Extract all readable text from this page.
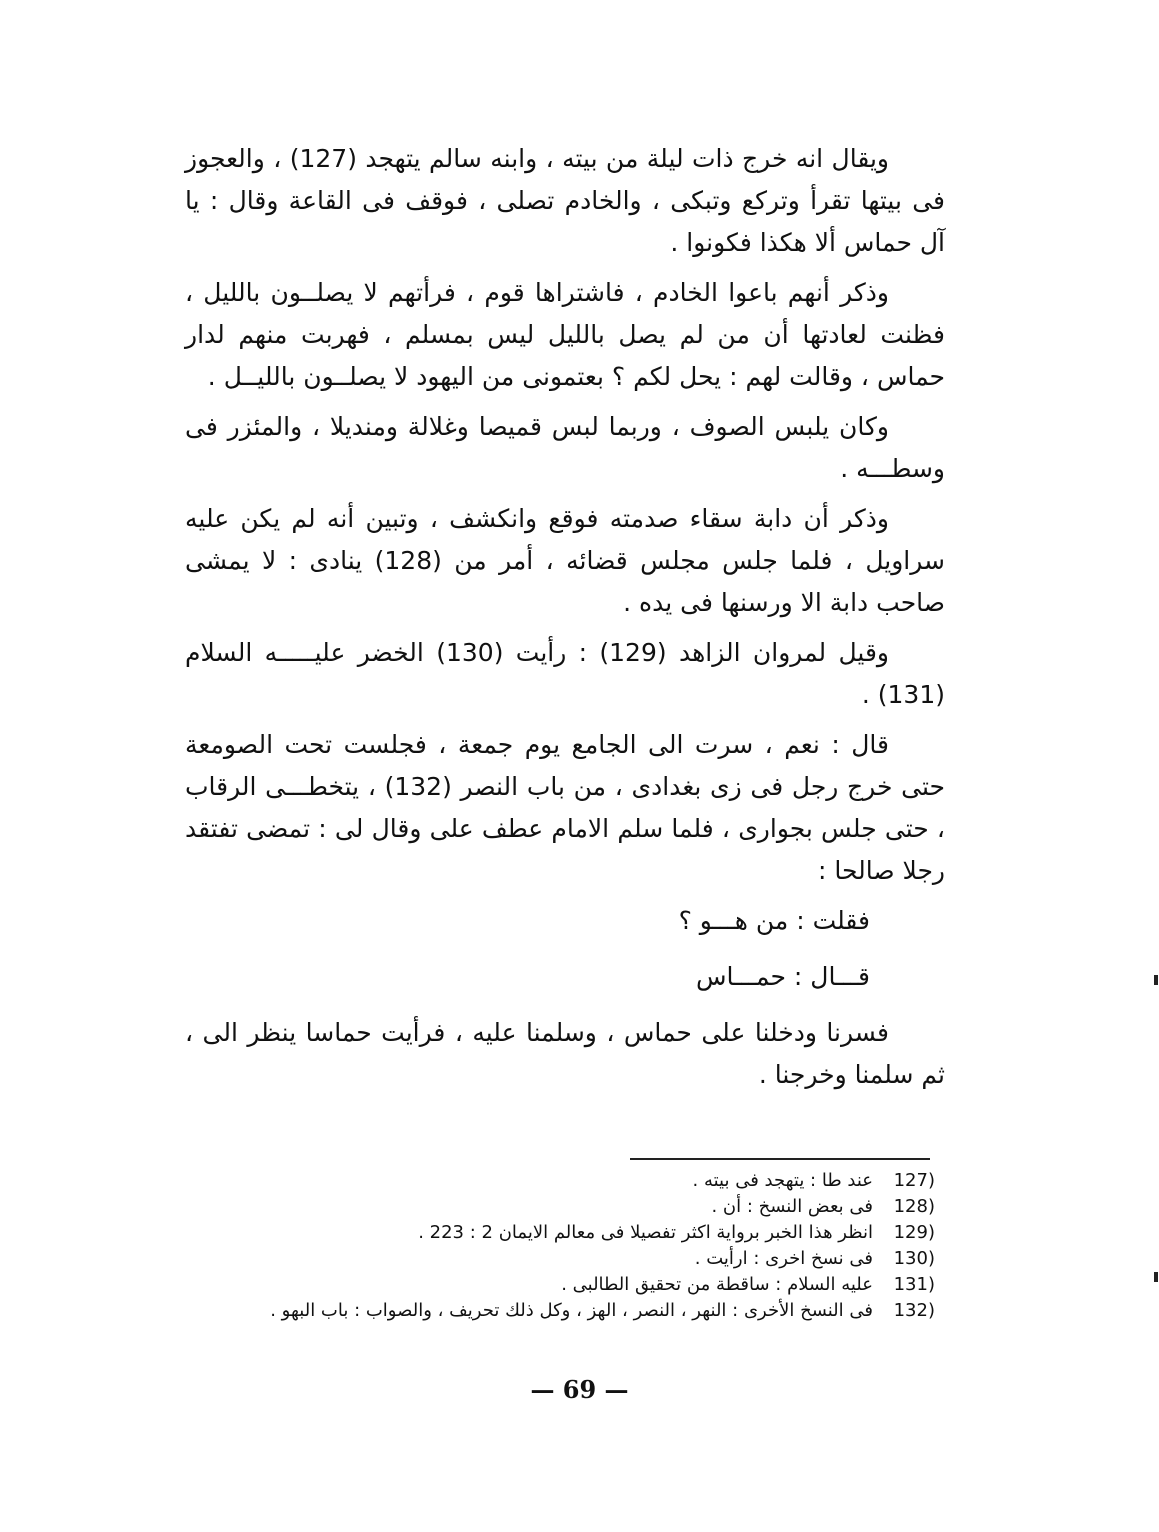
ويقال انه خرج ذات ليلة من بيته ، وابنه سالم يتهجد (127) ، والعجوز فى بيتها تقرأ وتركع وتبكى ، والخادم تصلى ، فوقف فى القاعة وقال : يا آل حماس ألا هكذا فكونوا .

وذكر أنهم باعوا الخادم ، فاشتراها قوم ، فرأتهم لا يصلــون بالليل ، فظنت لعادتها أن من لم يصل بالليل ليس بمسلم ، فهربت منهم لدار حماس ، وقالت لهم : يحل لكم ؟ بعتمونى من اليهود لا يصلــون بالليــل .

وكان يلبس الصوف ، وربما لبس قميصا وغلالة ومنديلا ، والمئزر فى وسطـــه .

وذكر أن دابة سقاء صدمته فوقع وانكشف ، وتبين أنه لم يكن عليه سراويل ، فلما جلس مجلس قضائه ، أمر من (128) ينادى : لا يمشى صاحب دابة الا ورسنها فى يده .

وقيل لمروان الزاهد (129) : رأيت (130) الخضر عليـــــه السلام (131) .

قال : نعم ، سرت الى الجامع يوم جمعة ، فجلست تحت الصومعة حتى خرج رجل فى زى بغدادى ، من باب النصر (132) ، يتخطـــى الرقاب ، حتى جلس بجوارى ، فلما سلم الامام عطف على وقال لى : تمضى تفتقد رجلا صالحا :

فقلت : من هـــو ؟

قـــال : حمـــاس

فسرنا ودخلنا على حماس ، وسلمنا عليه ، فرأيت حماسا ينظر الى ، ثم سلمنا وخرجنا .

127)
عند طا : يتهجد فى بيته .
128)
فى بعض النسخ : أن .
129)
انظر هذا الخبر برواية اكثر تفصيلا فى معالم الايمان 2 : 223 .
130)
فى نسخ اخرى : ارأيت .
131)
عليه السلام : ساقطة من تحقيق الطالبى .
132)
فى النسخ الأخرى : النهر ، النصر ، الهز ، وكل ذلك تحريف ، والصواب : باب البهو .
— 69 —
